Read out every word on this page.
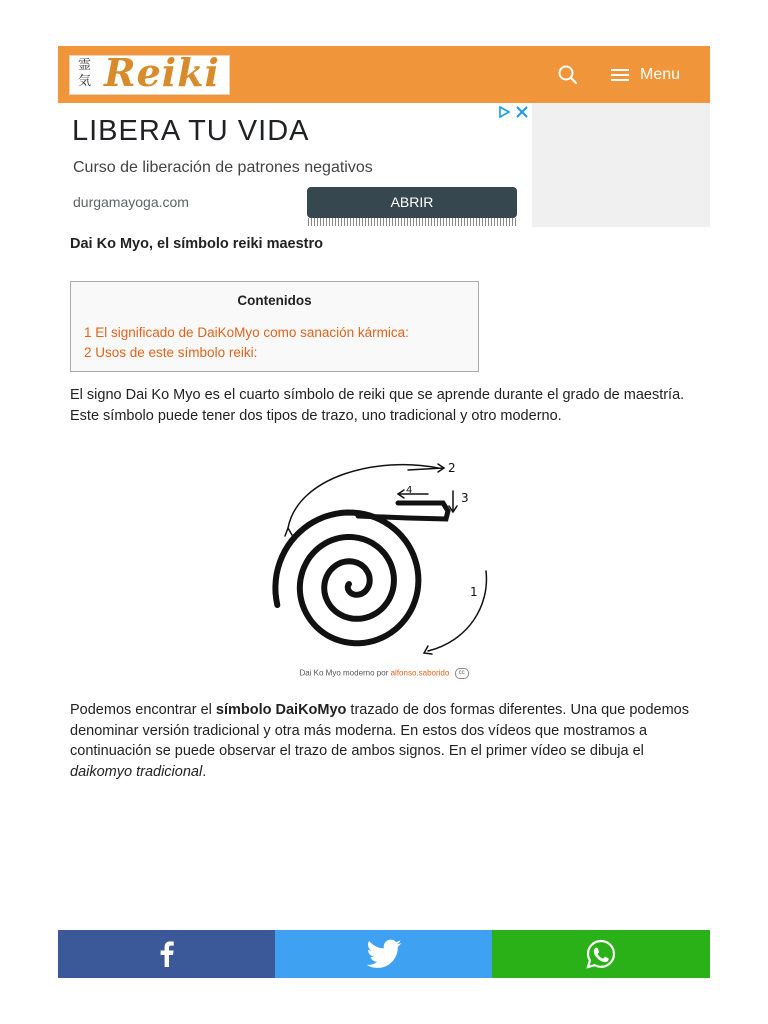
霊気 Reiki	Menu
LIBERA TU VIDA
Curso de liberación de patrones negativos
durgamayoga.com	ABRIR
Dai Ko Myo, el símbolo reiki maestro
Contenidos
1 El significado de DaiKoMyo como sanación kármica:
2 Usos de este símbolo reiki:
El signo Dai Ko Myo es el cuarto símbolo de reiki que se aprende durante el grado de maestría. Este símbolo puede tener dos tipos de trazo, uno tradicional y otro moderno.
2
4
3
1
Dai Ko Myo moderno por alfonso.saborido cc
Podemos encontrar el símbolo DaiKoMyo trazado de dos formas diferentes. Una que podemos denominar versión tradicional y otra más moderna. En estos dos vídeos que mostramos a continuación se puede observar el trazo de ambos signos. En el primer vídeo se dibuja el daikomyo tradicional.
